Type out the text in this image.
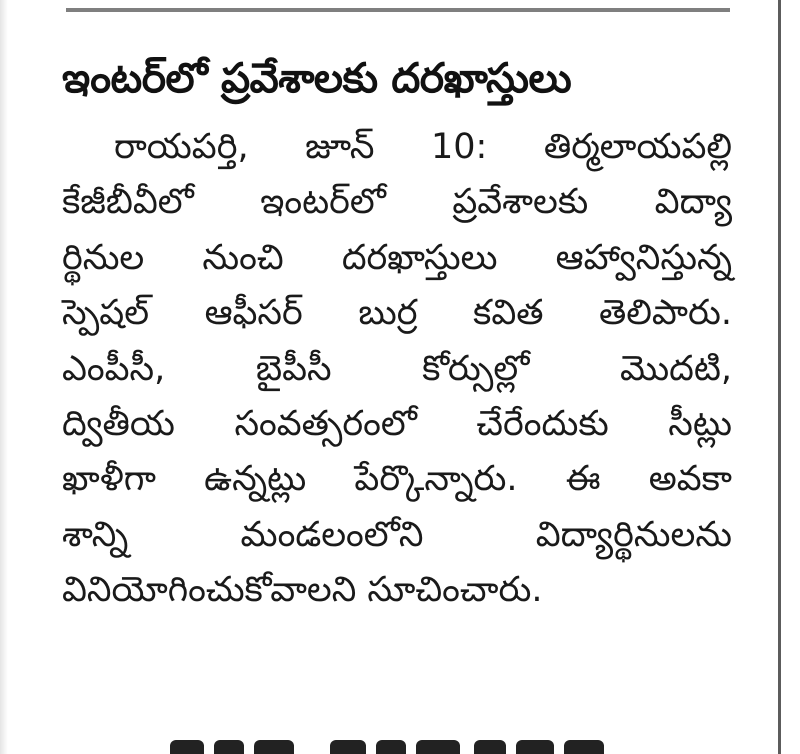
ఇంటర్‌లో ప్రవేశాలకు దరఖాస్తులు
రాయపర్తి, జూన్ 10: తిర్మలాయపల్లి
కేజీబీవీలో ఇంటర్‌లో ప్రవేశాలకు విద్యా
ర్థినుల నుంచి దరఖాస్తులు ఆహ్వానిస్తున్న
స్పెషల్ ఆఫీసర్ బుర్ర కవిత తెలిపారు.
ఎంపీసీ, బైపీసీ కోర్సుల్లో మొదటి,
ద్వితీయ సంవత్సరంలో చేరేందుకు సీట్లు
ఖాళీగా ఉన్నట్లు పేర్కొన్నారు. ఈ అవకా
శాన్ని మండలంలోని విద్యార్థినులను
వినియోగించుకోవాలని సూచించారు.
